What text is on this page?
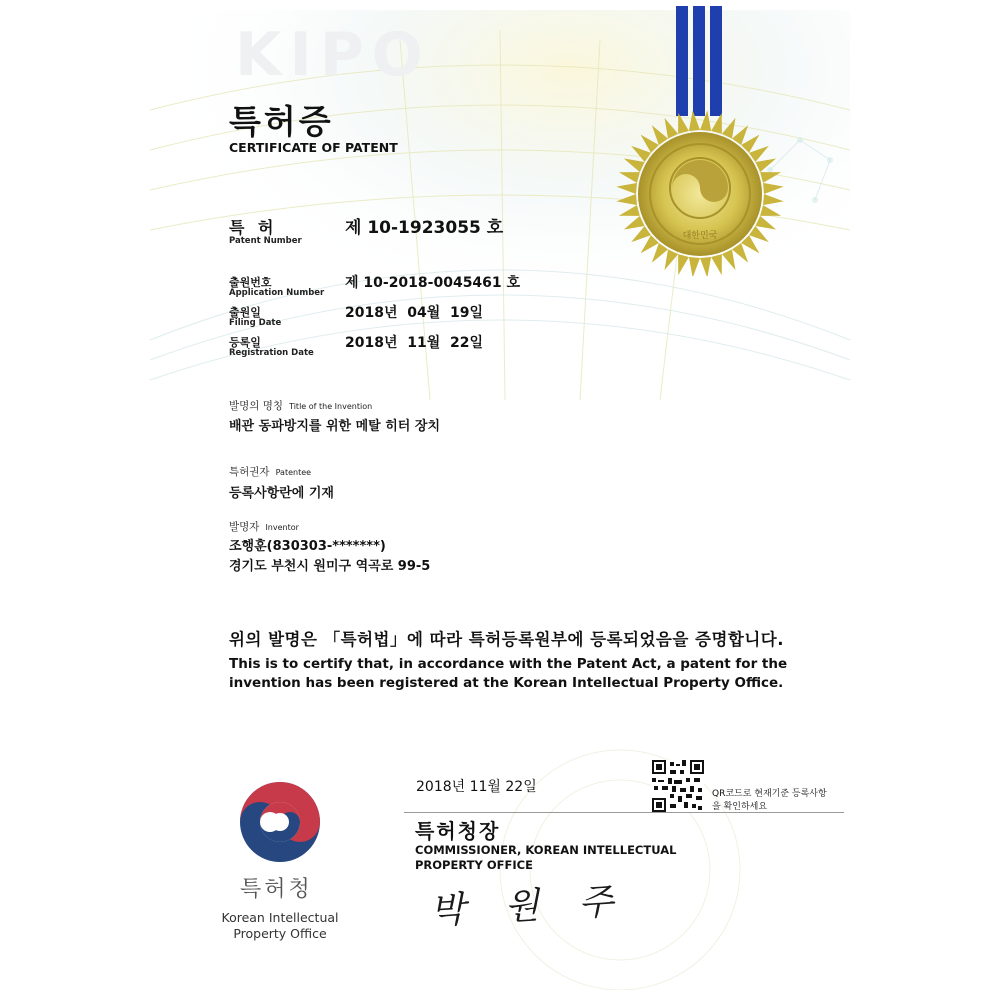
KIPO
대한민국
특허증
CERTIFICATE OF PATENT
특 허
Patent Number
제 10-1923055 호
출원번호
Application Number
제 10-2018-0045461 호
출원일
Filing Date
2018년  04월  19일
등록일
Registration Date
2018년  11월  22일
발명의 명칭 Title of the Invention
배관 동파방지를 위한 메탈 히터 장치
특허권자 Patentee
등록사항란에 기재
발명자 Inventor
조행훈(830303-*******)
경기도 부천시 원미구 역곡로 99-5
위의 발명은 「특허법」에 따라 특허등록원부에 등록되었음을 증명합니다.
This is to certify that, in accordance with the Patent Act, a patent for the invention has been registered at the Korean Intellectual Property Office.
2018년 11월 22일	QR코드로 현재기준 등록사항을 확인하세요
특허청장
COMMISSIONER, KOREAN INTELLECTUAL PROPERTY OFFICE
박 원 주
특허청
Korean Intellectual Property Office
